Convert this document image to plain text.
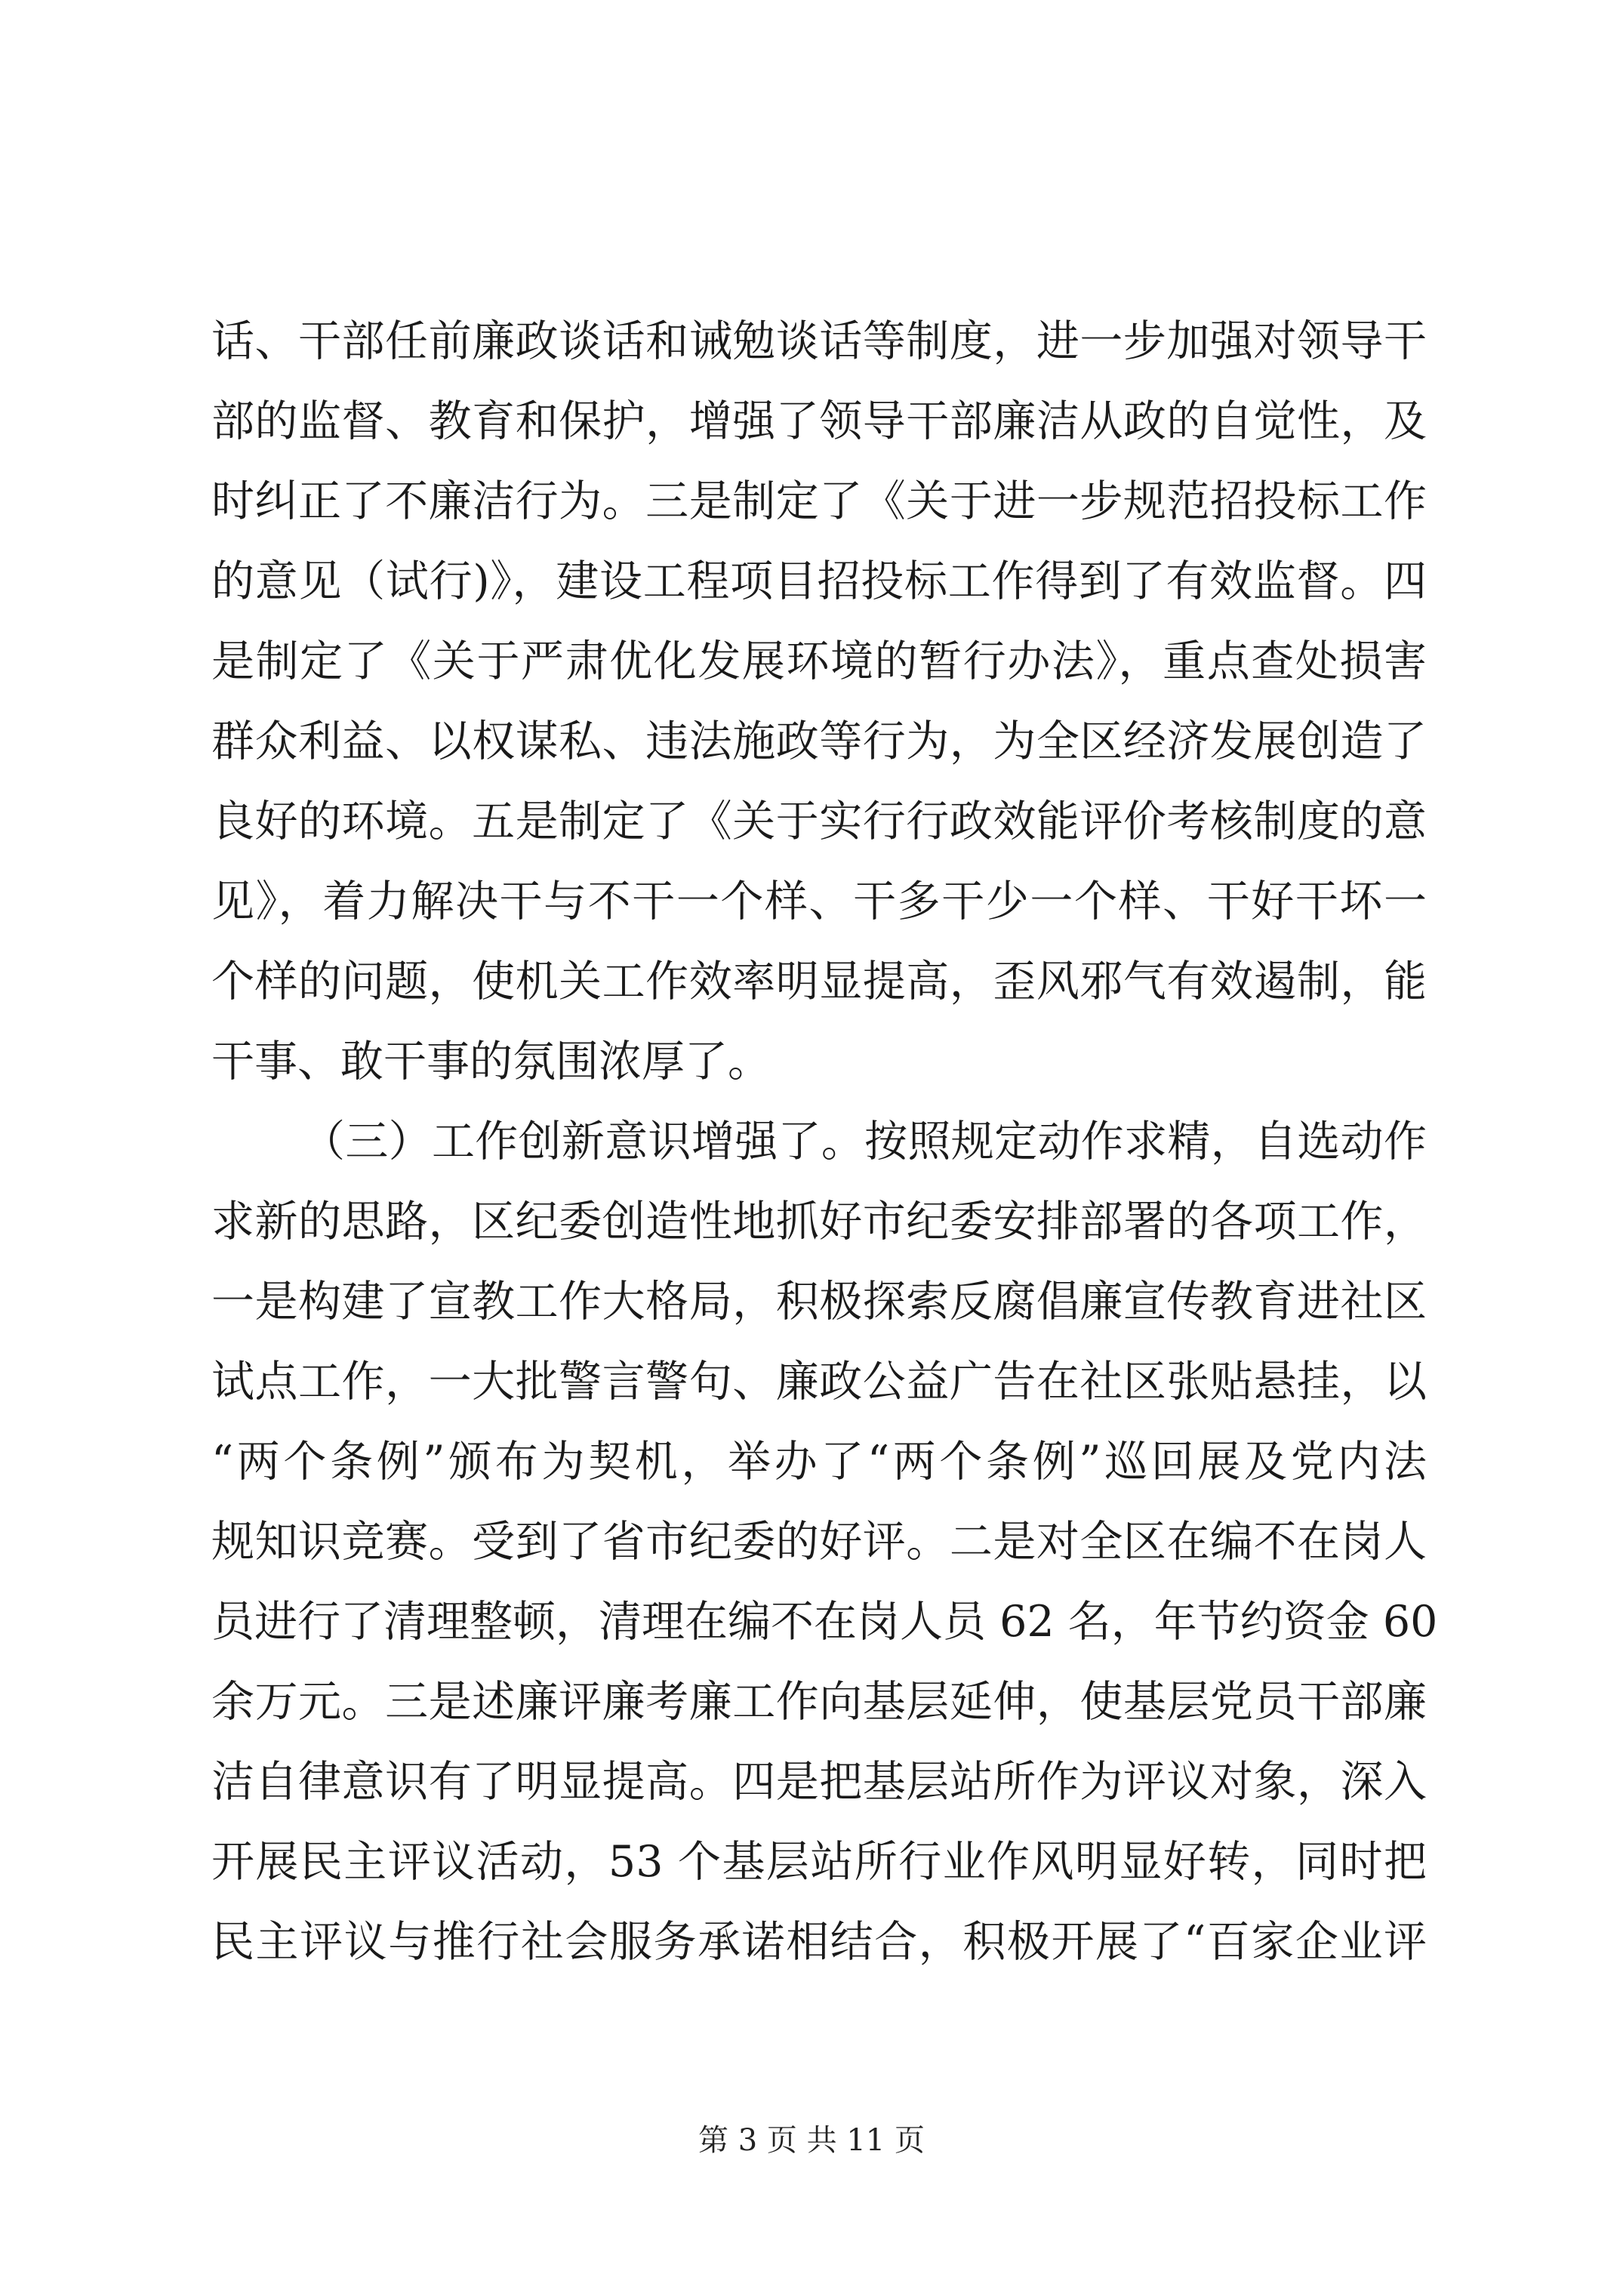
话、干部任前廉政谈话和诫勉谈话等制度，进一步加强对领导干
部的监督、教育和保护，增强了领导干部廉洁从政的自觉性，及
时纠正了不廉洁行为。三是制定了《关于进一步规范招投标工作
的意见（试行)》，建设工程项目招投标工作得到了有效监督。四
是制定了《关于严肃优化发展环境的暂行办法》，重点查处损害
群众利益、以权谋私、违法施政等行为，为全区经济发展创造了
良好的环境。五是制定了《关于实行行政效能评价考核制度的意
见》，着力解决干与不干一个样、干多干少一个样、干好干坏一
个样的问题，使机关工作效率明显提高，歪风邪气有效遏制，能
干事、敢干事的氛围浓厚了。
（三）工作创新意识增强了。按照规定动作求精，自选动作
求新的思路，区纪委创造性地抓好市纪委安排部署的各项工作，
一是构建了宣教工作大格局，积极探索反腐倡廉宣传教育进社区
试点工作，一大批警言警句、廉政公益广告在社区张贴悬挂，以
“两个条例”颁布为契机，举办了“两个条例”巡回展及党内法
规知识竞赛。受到了省市纪委的好评。二是对全区在编不在岗人
员进行了清理整顿，清理在编不在岗人员 62 名，年节约资金 60
余万元。三是述廉评廉考廉工作向基层延伸，使基层党员干部廉
洁自律意识有了明显提高。四是把基层站所作为评议对象，深入
开展民主评议活动，53 个基层站所行业作风明显好转，同时把
民主评议与推行社会服务承诺相结合，积极开展了“百家企业评
第 3 页 共 11 页
